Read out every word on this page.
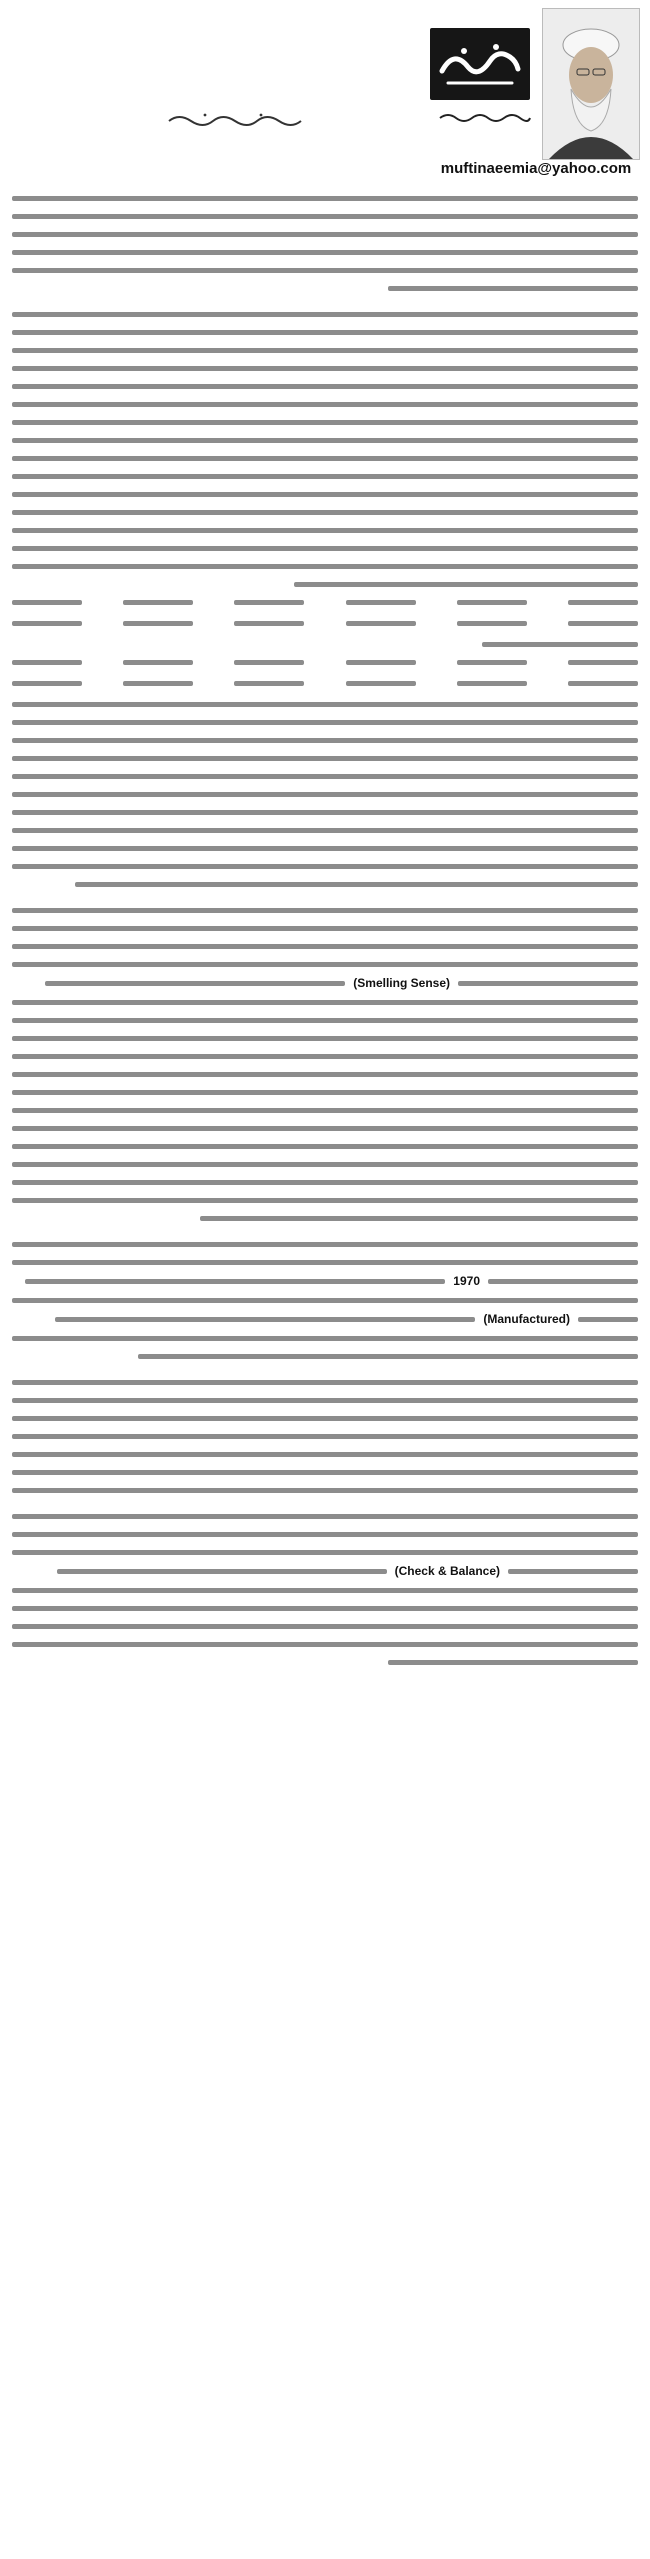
muftinaeemia@yahoo.com
(Smelling Sense)
1970
(Manufactured)
(Check & Balance)
